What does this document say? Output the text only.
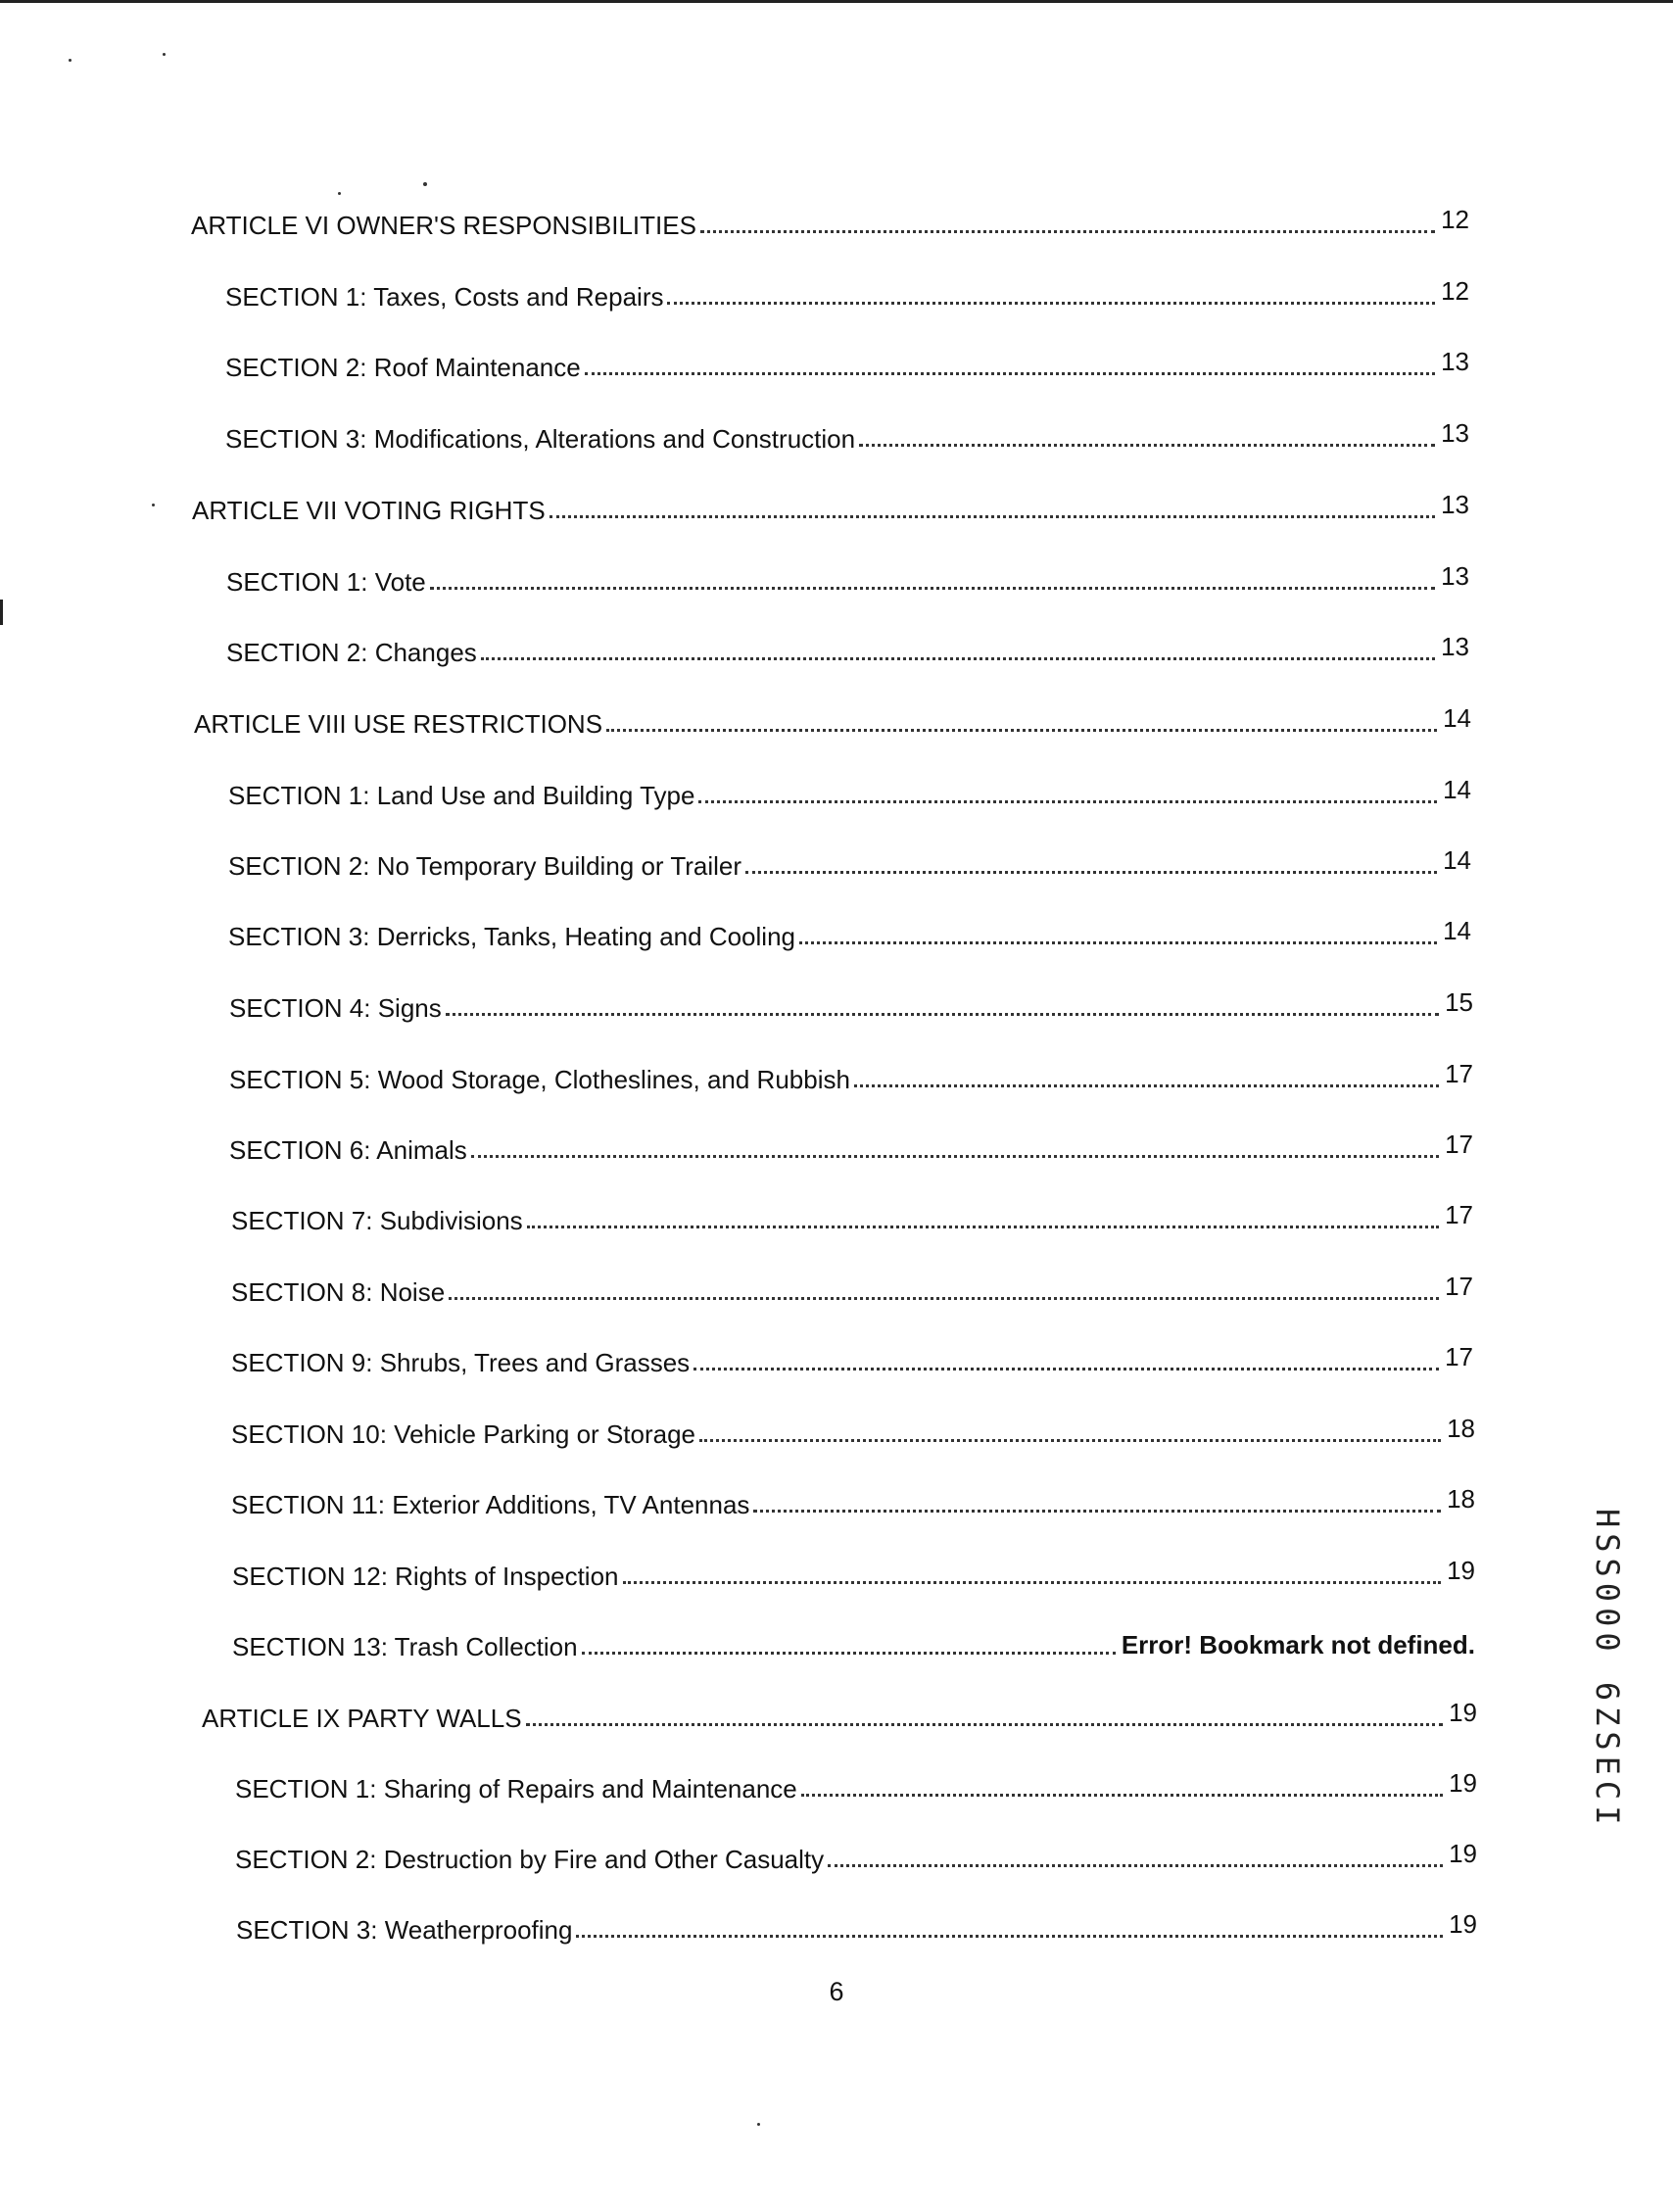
ARTICLE VI OWNER'S RESPONSIBILITIES	12
SECTION 1: Taxes, Costs and Repairs	12
SECTION 2: Roof Maintenance	13
SECTION 3: Modifications, Alterations and Construction	13
ARTICLE VII VOTING RIGHTS	13
SECTION 1: Vote	13
SECTION 2: Changes	13
ARTICLE VIII USE RESTRICTIONS	14
SECTION 1: Land Use and Building Type	14
SECTION 2: No Temporary Building or Trailer	14
SECTION 3: Derricks, Tanks, Heating and Cooling	14
SECTION 4: Signs	15
SECTION 5: Wood Storage, Clotheslines, and Rubbish	17
SECTION 6: Animals	17
SECTION 7: Subdivisions	17
SECTION 8: Noise	17
SECTION 9: Shrubs, Trees and Grasses	17
SECTION 10: Vehicle Parking or Storage	18
SECTION 11: Exterior Additions, TV Antennas	18
SECTION 12: Rights of Inspection	19
SECTION 13: Trash Collection	Error! Bookmark not defined.
ARTICLE IX PARTY WALLS	19
SECTION 1: Sharing of Repairs and Maintenance	19
SECTION 2: Destruction by Fire and Other Casualty	19
SECTION 3: Weatherproofing	19
6
HSS000 6ZSECI
